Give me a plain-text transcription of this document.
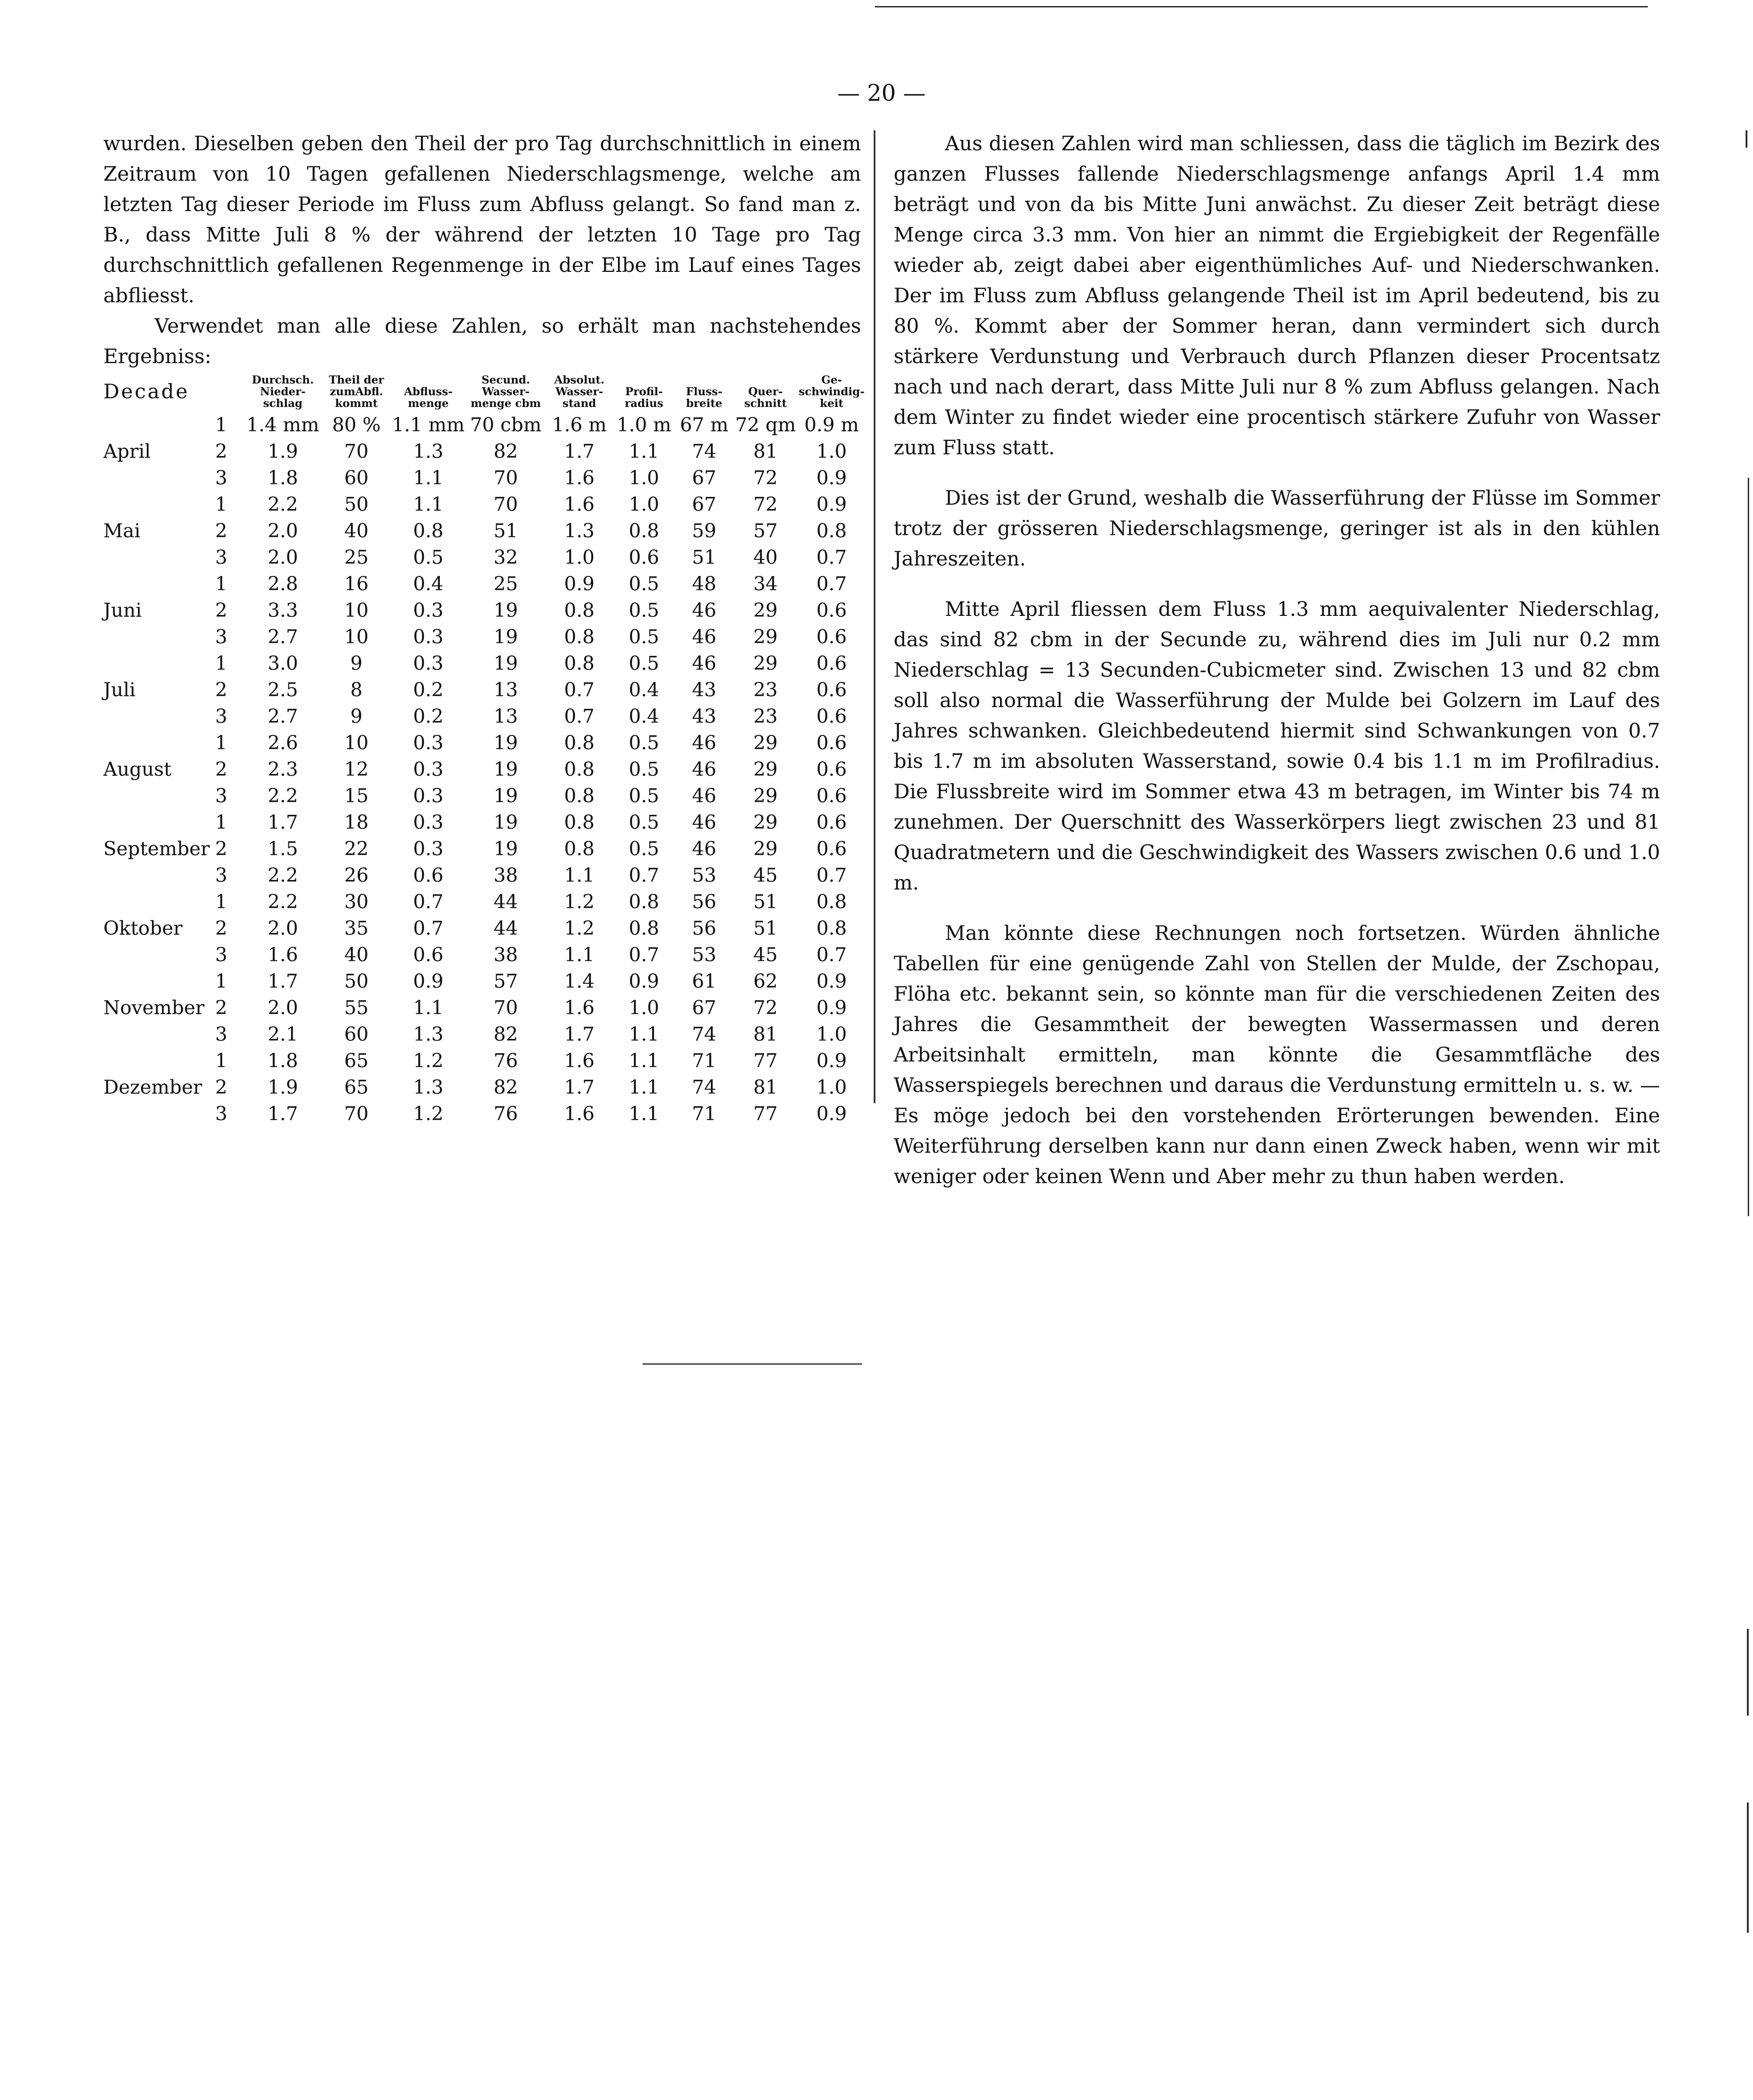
— 20 —

wurden. Dieselben geben den Theil der pro Tag durchschnittlich in einem Zeitraum von 10 Tagen gefallenen Niederschlagsmenge, welche am letzten Tag dieser Periode im Fluss zum Abfluss gelangt. So fand man z. B., dass Mitte Juli 8 % der während der letzten 10 Tage pro Tag durchschnittlich gefallenen Regenmenge in der Elbe im Lauf eines Tages abfliesst.

Verwendet man alle diese Zahlen, so erhält man nachstehendes Ergebniss:

Decade		Durchsch. Nieder-schlag	Theil der zumAbfl. kommt	Abfluss-menge	Secund. Wasser-menge cbm	Absolut. Wasser-stand	Profil-radius	Fluss-breite	Quer-schnitt	Ge-schwindig-keit
	1	1.4 mm	80 %	1.1 mm	70 cbm	1.6 m	1.0 m	67 m	72 qm	0.9 m
April	2	1.9	70	1.3	82	1.7	1.1	74	81	1.0
	3	1.8	60	1.1	70	1.6	1.0	67	72	0.9
	1	2.2	50	1.1	70	1.6	1.0	67	72	0.9
Mai	2	2.0	40	0.8	51	1.3	0.8	59	57	0.8
	3	2.0	25	0.5	32	1.0	0.6	51	40	0.7
	1	2.8	16	0.4	25	0.9	0.5	48	34	0.7
Juni	2	3.3	10	0.3	19	0.8	0.5	46	29	0.6
	3	2.7	10	0.3	19	0.8	0.5	46	29	0.6
	1	3.0	9	0.3	19	0.8	0.5	46	29	0.6
Juli	2	2.5	8	0.2	13	0.7	0.4	43	23	0.6
	3	2.7	9	0.2	13	0.7	0.4	43	23	0.6
	1	2.6	10	0.3	19	0.8	0.5	46	29	0.6
August	2	2.3	12	0.3	19	0.8	0.5	46	29	0.6
	3	2.2	15	0.3	19	0.8	0.5	46	29	0.6
	1	1.7	18	0.3	19	0.8	0.5	46	29	0.6
September	2	1.5	22	0.3	19	0.8	0.5	46	29	0.6
	3	2.2	26	0.6	38	1.1	0.7	53	45	0.7
	1	2.2	30	0.7	44	1.2	0.8	56	51	0.8
Oktober	2	2.0	35	0.7	44	1.2	0.8	56	51	0.8
	3	1.6	40	0.6	38	1.1	0.7	53	45	0.7
	1	1.7	50	0.9	57	1.4	0.9	61	62	0.9
November	2	2.0	55	1.1	70	1.6	1.0	67	72	0.9
	3	2.1	60	1.3	82	1.7	1.1	74	81	1.0
	1	1.8	65	1.2	76	1.6	1.1	71	77	0.9
Dezember	2	1.9	65	1.3	82	1.7	1.1	74	81	1.0
	3	1.7	70	1.2	76	1.6	1.1	71	77	0.9

Aus diesen Zahlen wird man schliessen, dass die täglich im Bezirk des ganzen Flusses fallende Niederschlagsmenge anfangs April 1.4 mm beträgt und von da bis Mitte Juni anwächst. Zu dieser Zeit beträgt diese Menge circa 3.3 mm. Von hier an nimmt die Ergiebigkeit der Regenfälle wieder ab, zeigt dabei aber eigenthümliches Auf- und Niederschwanken. Der im Fluss zum Abfluss gelangende Theil ist im April bedeutend, bis zu 80 %. Kommt aber der Sommer heran, dann vermindert sich durch stärkere Verdunstung und Verbrauch durch Pflanzen dieser Procentsatz nach und nach derart, dass Mitte Juli nur 8 % zum Abfluss gelangen. Nach dem Winter zu findet wieder eine procentisch stärkere Zufuhr von Wasser zum Fluss statt.

Dies ist der Grund, weshalb die Wasserführung der Flüsse im Sommer trotz der grösseren Niederschlagsmenge, geringer ist als in den kühlen Jahreszeiten.

Mitte April fliessen dem Fluss 1.3 mm aequivalenter Niederschlag, das sind 82 cbm in der Secunde zu, während dies im Juli nur 0.2 mm Niederschlag = 13 Secunden-Cubicmeter sind. Zwischen 13 und 82 cbm soll also normal die Wasserführung der Mulde bei Golzern im Lauf des Jahres schwanken. Gleichbedeutend hiermit sind Schwankungen von 0.7 bis 1.7 m im absoluten Wasserstand, sowie 0.4 bis 1.1 m im Profilradius. Die Flussbreite wird im Sommer etwa 43 m betragen, im Winter bis 74 m zunehmen. Der Querschnitt des Wasserkörpers liegt zwischen 23 und 81 Quadratmetern und die Geschwindigkeit des Wassers zwischen 0.6 und 1.0 m.

Man könnte diese Rechnungen noch fortsetzen. Würden ähnliche Tabellen für eine genügende Zahl von Stellen der Mulde, der Zschopau, Flöha etc. bekannt sein, so könnte man für die verschiedenen Zeiten des Jahres die Gesammtheit der bewegten Wassermassen und deren Arbeitsinhalt ermitteln, man könnte die Gesammtfläche des Wasserspiegels berechnen und daraus die Verdunstung ermitteln u. s. w. — Es möge jedoch bei den vorstehenden Erörterungen bewenden. Eine Weiterführung derselben kann nur dann einen Zweck haben, wenn wir mit weniger oder keinen Wenn und Aber mehr zu thun haben werden.
